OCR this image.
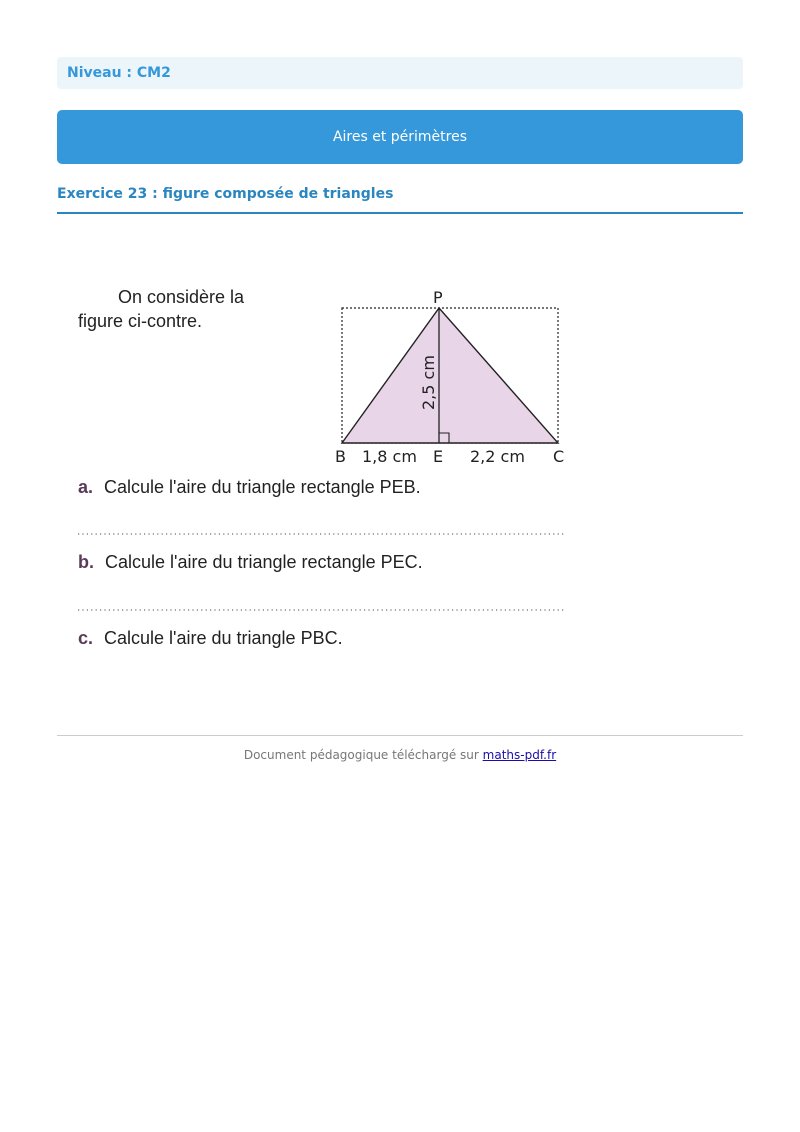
Niveau : CM2
Aires et périmètres
Exercice 23 : figure composée de triangles
On considère la
figure ci-contre.
P
B	E	C
1,8 cm	2,2 cm
2,5 cm
a. Calcule l'aire du triangle rectangle PEB.
b. Calcule l'aire du triangle rectangle PEC.
c. Calcule l'aire du triangle PBC.
Document pédagogique téléchargé sur maths-pdf.fr
